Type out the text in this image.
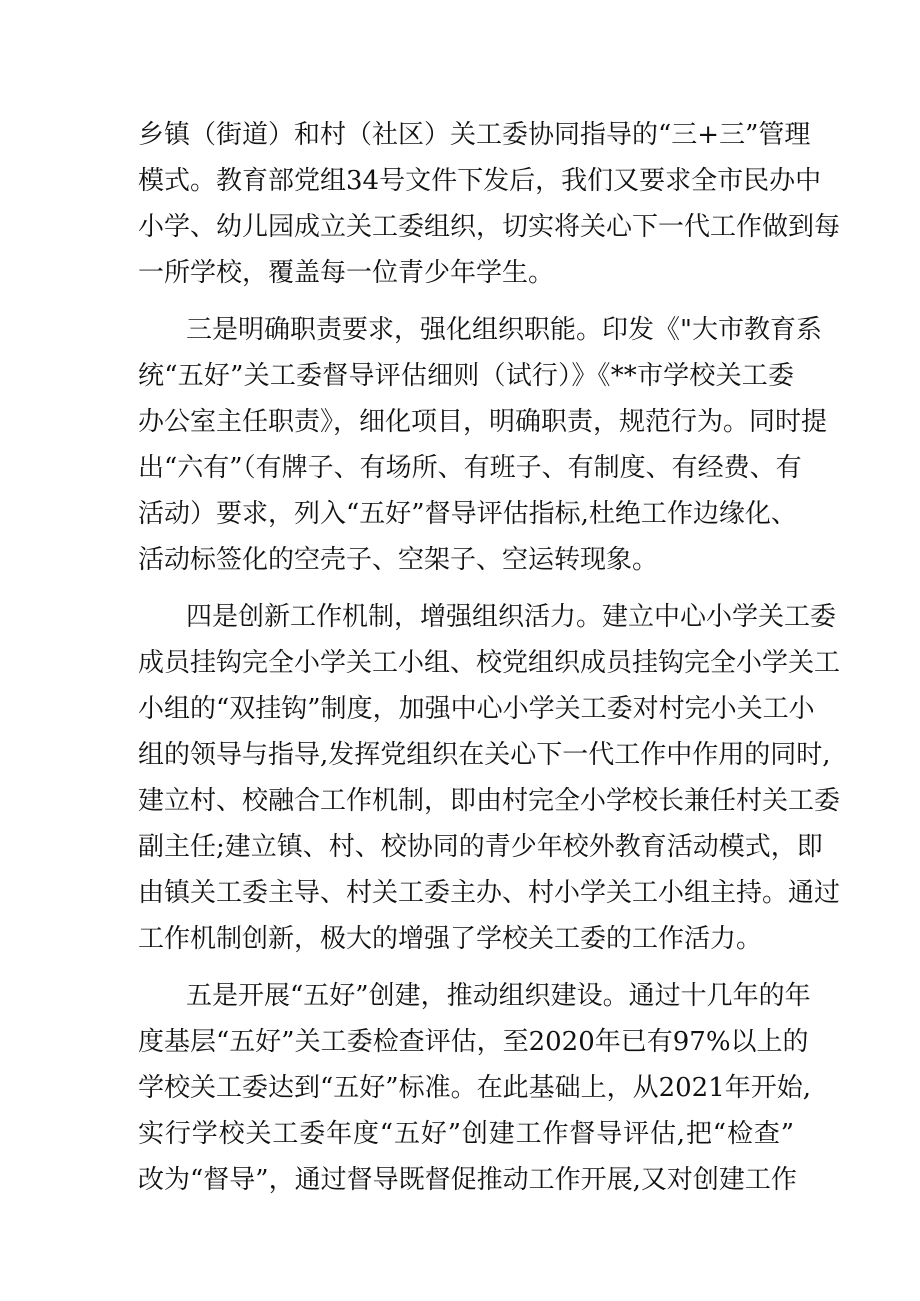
乡镇（街道）和村（社区）关工委协同指导的“三+三”管理
模式。教育部党组34号文件下发后，我们又要求全市民办中
小学、幼儿园成立关工委组织，切实将关心下一代工作做到每
一所学校，覆盖每一位青少年学生。
三是明确职责要求，强化组织职能。印发《"大市教育系
统“五好”关工委督导评估细则（试行）》《**市学校关工委
办公室主任职责》，细化项目，明确职责，规范行为。同时提
出“六有”（有牌子、有场所、有班子、有制度、有经费、有
活动）要求，列入“五好”督导评估指标,杜绝工作边缘化、
活动标签化的空壳子、空架子、空运转现象。
四是创新工作机制，增强组织活力。建立中心小学关工委
成员挂钩完全小学关工小组、校党组织成员挂钩完全小学关工
小组的“双挂钩”制度，加强中心小学关工委对村完小关工小
组的领导与指导,发挥党组织在关心下一代工作中作用的同时,
建立村、校融合工作机制，即由村完全小学校长兼任村关工委
副主任;建立镇、村、校协同的青少年校外教育活动模式，即
由镇关工委主导、村关工委主办、村小学关工小组主持。通过
工作机制创新，极大的增强了学校关工委的工作活力。
五是开展“五好”创建，推动组织建设。通过十几年的年
度基层“五好”关工委检查评估，至2020年已有97%以上的
学校关工委达到“五好”标准。在此基础上，从2021年开始,
实行学校关工委年度“五好”创建工作督导评估,把“检查”
改为“督导”，通过督导既督促推动工作开展,又对创建工作
